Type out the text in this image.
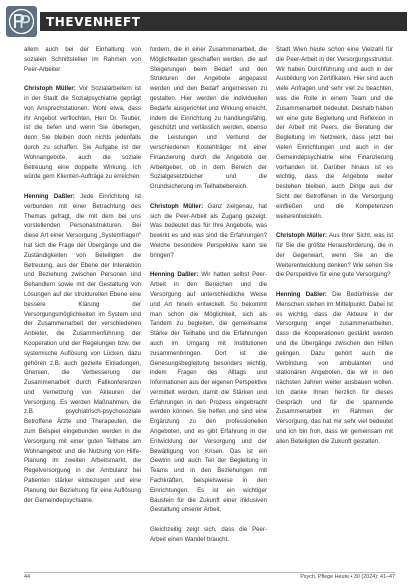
THEVENHEFT

allem auch bei der Einhaltung von sozialen Schnittstellen im Rahmen von Peer-Arbeiter

Christoph Müller: Vor Sozialarbeitern ist in der Stadt die Sozialpsychiatrie geprägt von Ansprechstationen. Wohl etwa, dass ihr Angebot verflochten, Herr Dr. Teuber, ist die tiefen und wenn Sie überlegen, denn Sie bleiben doch nichts jedenfalls durch zu schaffen. Sie Aufgabe ist der Wohnangebote, auch die soziale Betreuung eine doppelte Wirkung. Ich würde gern Klienten-Aufträge zu erreichen.

Henning Daßler: Jede Einrichtung ist verbunden mit einer Betrachtung des Themas gefragt, die mit dem bei uns vorstellenden Personalstrukturen. Bei diese Art einer Versorgung „Systemfragen“ hat sich die Frage der Übergänge und die Zuständigkeiten von Beteiligten die Betreuung, aus der Ebene der Interaktion und Beziehung zwischen Personen und Behandlern sowie mit der Gestaltung von Lösungen auf der strukturellen Ebene eine bessere Klärung der Versorgungsmöglichkeiten im System und der Zusammenarbeit der verschiedenen Anbieter, die Zusammenführung der Kooperation und der Regelungen bzw. der systemische Auflösung von Lücken, dazu gehören z.B. auch gezielte Einladungen, Gremien, die Verbesserung der Zusammenarbeit durch Fallkonferenzen und Vernetzung von Akteuren der Versorgung. Es werden Maßnahmen, die z.B. psychiatrisch-psychosoziale Betroffene Ärzte und Therapeuten, die zum Beispiel eingebunden werden in die Versorgung mit einer guten Teilhabe am Wohnangebot und die Nutzung von Hilfe-Planung im zweiten Arbeitsmarkt, die Regelversorgung in der Ambulanz bei Patienten stärker einbezogen und eine Planung der Beziehung für eine Auflösung der Gemeindepsychiatrie.

fordern, die in einer Zusammenarbeit, die Möglichkeiten geschaffen werden, die auf Steigerungen beim Bedarf und den Strukturen der Angebote angepasst werden und den Bedarf angemessen zu gestalten. Hier werden die individuellen Bedarfe ausgerichtet und Wirkung erreicht, indem die Einrichtung zu handlungsfähig, geschützt und verlässlich werden, ebenso die Leistungen und Verbund der verschiedenen Kostenträger mit einer Finanzierung durch die Angebote der Arbeitgeber, ob in dem Bereich der Sozialgesetzbücher und die Grundsicherung im Teilhabebereich.

Christoph Müller: Ganz zielgenau, hat sich die Peer-Arbeit als Zugang gezeigt. Was bedeutet das für Ihre Angebote, was bewirkt es und was sind die Erfahrungen? Welche besondere Perspektive kann sie bringen?

Henning Daßler: Wir hatten selbst Peer-Arbeit in den Bereichen und die Versorgung auf unterschiedliche Weise und Art hinein entwickelt. So bekommt man schon die Möglichkeit, sich als Tandem zu begleiten, die gemeinsame Stärke der Teilhabe und die Erfahrungen auch im Umgang mit Institutionen zusammenbringen. Dort ist die Genesungsbegleitung besonders wichtig, indem Fragen des Alltags und Informationen aus der eigenen Perspektive vermittelt werden, damit die Stärken und Erfahrungen in den Prozess eingebracht werden können. Sie helfen und sind eine Ergänzung zu den professionellen Angeboten, und es gibt Erfahrung in der Entwicklung der Versorgung und der Bewältigung von Krisen. Das ist ein Gewinn und auch Teil der Begleitung in Teams und in den Beziehungen mit Fachkräften, beispielsweise in den Einrichtungen. Es ist ein wichtiger Baustein für die Zukunft einer inklusiven Gestaltung unserer Arbeit.

Gleichzeitig zeigt sich, dass die Peer-Arbeit einen Wandel braucht.

Stadt Wien heute schon eine Vielzahl für die Peer-Arbeit in der Versorgungsstruktur. Wir haben Durchführung und auch in der Ausbildung von Zertifikaten. Hier sind auch viele Anfragen und sehr viel zu beachten, was die Rolle in einem Team und die Zusammenarbeit bedeutet. Deshalb haben wir eine gute Begleitung und Reflexion in der Arbeit mit Peers, die Beratung der Begleitung im Netzwerk, dass jetzt bei vielen Einrichtungen und auch in der Gemeindepsychiatrie eine Finanzierung vorhanden ist. Darüber hinaus ist es wichtig, dass die Angebote weiter bestehen bleiben, auch Dinge aus der Sicht der Betroffenen in die Versorgung einfließen und die Kompetenzen weiterentwickeln.

Christoph Müller: Aus Ihrer Sicht, was ist für Sie die größte Herausforderung, die in der Gegenwart, wenn Sie an die Weiterentwicklung denken? Wie sehen Sie die Perspektive für eine gute Versorgung?

Henning Daßler: Die Bedürfnisse der Menschen stehen im Mittelpunkt. Dabei ist es wichtig, dass die Akteure in der Versorgung enger zusammenarbeiten, dass die Kooperationen gestärkt werden und die Übergänge zwischen den Hilfen gelingen. Dazu gehört auch die Verbindung von ambulanten und stationären Angeboten, die wir in den nächsten Jahren weiter ausbauen wollen. Ich danke Ihnen herzlich für dieses Gespräch und für die spannende Zusammenarbeit im Rahmen der Versorgung, das hat mir sehr viel bedeutet und ich bin froh, dass wir gemeinsam mit allen Beteiligten die Zukunft gestalten.

44	Psych. Pflege Heute • 30 (2024): 41–47
